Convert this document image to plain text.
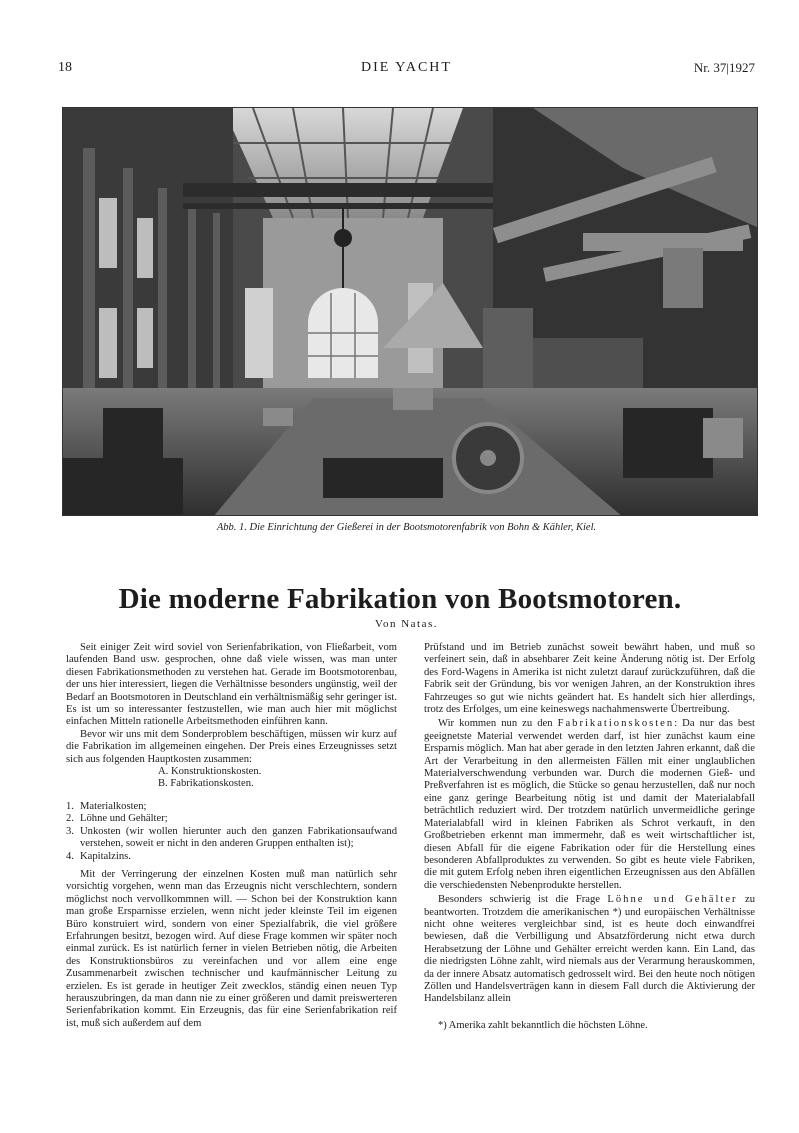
18	DIE YACHT	Nr. 37|1927
Abb. 1. Die Einrichtung der Gießerei in der Bootsmotorenfabrik von Bohn & Kähler, Kiel.
Die moderne Fabrikation von Bootsmotoren.
Von Natas.

Seit einiger Zeit wird soviel von Serienfabrikation, von Fließarbeit, vom laufenden Band usw. gesprochen, ohne daß viele wissen, was man unter diesen Fabrikationsmethoden zu verstehen hat. Gerade im Bootsmotorenbau, der uns hier interessiert, liegen die Verhältnisse besonders ungünstig, weil der Bedarf an Bootsmotoren in Deutschland ein verhältnismäßig sehr geringer ist. Es ist um so interessanter festzustellen, wie man auch hier mit möglichst einfachen Mitteln rationelle Arbeitsmethoden einführen kann.

Bevor wir uns mit dem Sonderproblem beschäftigen, müssen wir kurz auf die Fabrikation im allgemeinen eingehen. Der Preis eines Erzeugnisses setzt sich aus folgenden Hauptkosten zusammen:

A. Konstruktionskosten.
B. Fabrikationskosten.
1. Materialkosten;
2. Löhne und Gehälter;
3. Unkosten (wir wollen hierunter auch den ganzen Fabrikationsaufwand verstehen, soweit er nicht in den anderen Gruppen enthalten ist);
4. Kapitalzins.

Mit der Verringerung der einzelnen Kosten muß man natürlich sehr vorsichtig vorgehen, wenn man das Erzeugnis nicht verschlechtern, sondern möglichst noch vervollkommnen will. — Schon bei der Konstruktion kann man große Ersparnisse erzielen, wenn nicht jeder kleinste Teil im eigenen Büro konstruiert wird, sondern von einer Spezialfabrik, die viel größere Erfahrungen besitzt, bezogen wird. Auf diese Frage kommen wir später noch einmal zurück. Es ist natürlich ferner in vielen Betrieben nötig, die Arbeiten des Konstruktionsbüros zu vereinfachen und vor allem eine enge Zusammenarbeit zwischen technischer und kaufmännischer Leitung zu erzielen. Es ist gerade in heutiger Zeit zwecklos, ständig einen neuen Typ herauszubringen, da man dann nie zu einer größeren und damit preiswerteren Serienfabrikation kommt. Ein Erzeugnis, das für eine Serienfabrikation reif ist, muß sich außerdem auf dem

Prüfstand und im Betrieb zunächst soweit bewährt haben, und muß so verfeinert sein, daß in absehbarer Zeit keine Änderung nötig ist. Der Erfolg des Ford-Wagens in Amerika ist nicht zuletzt darauf zurückzuführen, daß die Fabrik seit der Gründung, bis vor wenigen Jahren, an der Konstruktion ihres Fahrzeuges so gut wie nichts geändert hat. Es handelt sich hier allerdings, trotz des Erfolges, um eine keineswegs nachahmenswerte Übertreibung.

Wir kommen nun zu den Fabrikationskosten: Da nur das best geeignetste Material verwendet werden darf, ist hier zunächst kaum eine Ersparnis möglich. Man hat aber gerade in den letzten Jahren erkannt, daß die Art der Verarbeitung in den allermeisten Fällen mit einer unglaublichen Materialverschwendung verbunden war. Durch die modernen Gieß- und Preßverfahren ist es möglich, die Stücke so genau herzustellen, daß nur noch eine ganz geringe Bearbeitung nötig ist und damit der Materialabfall beträchtlich reduziert wird. Der trotzdem natürlich unvermeidliche geringe Materialabfall wird in kleinen Fabriken als Schrot verkauft, in den Großbetrieben erkennt man immermehr, daß es weit wirtschaftlicher ist, diesen Abfall für die eigene Fabrikation oder für die Herstellung eines besonderen Abfallproduktes zu verwenden. So gibt es heute viele Fabriken, die mit gutem Erfolg neben ihren eigentlichen Erzeugnissen aus den Abfällen die verschiedensten Nebenprodukte herstellen.

Besonders schwierig ist die Frage Löhne und Gehälter zu beantworten. Trotzdem die amerikanischen *) und europäischen Verhältnisse nicht ohne weiteres vergleichbar sind, ist es heute doch einwandfrei bewiesen, daß die Verbilligung und Absatzförderung nicht etwa durch Herabsetzung der Löhne und Gehälter erreicht werden kann. Ein Land, das die niedrigsten Löhne zahlt, wird niemals aus der Verarmung herauskommen, da der innere Absatz automatisch gedrosselt wird. Bei den heute noch nötigen Zöllen und Handelsverträgen kann in diesem Fall durch die Aktivierung der Handelsbilanz allein

*) Amerika zahlt bekanntlich die höchsten Löhne.
